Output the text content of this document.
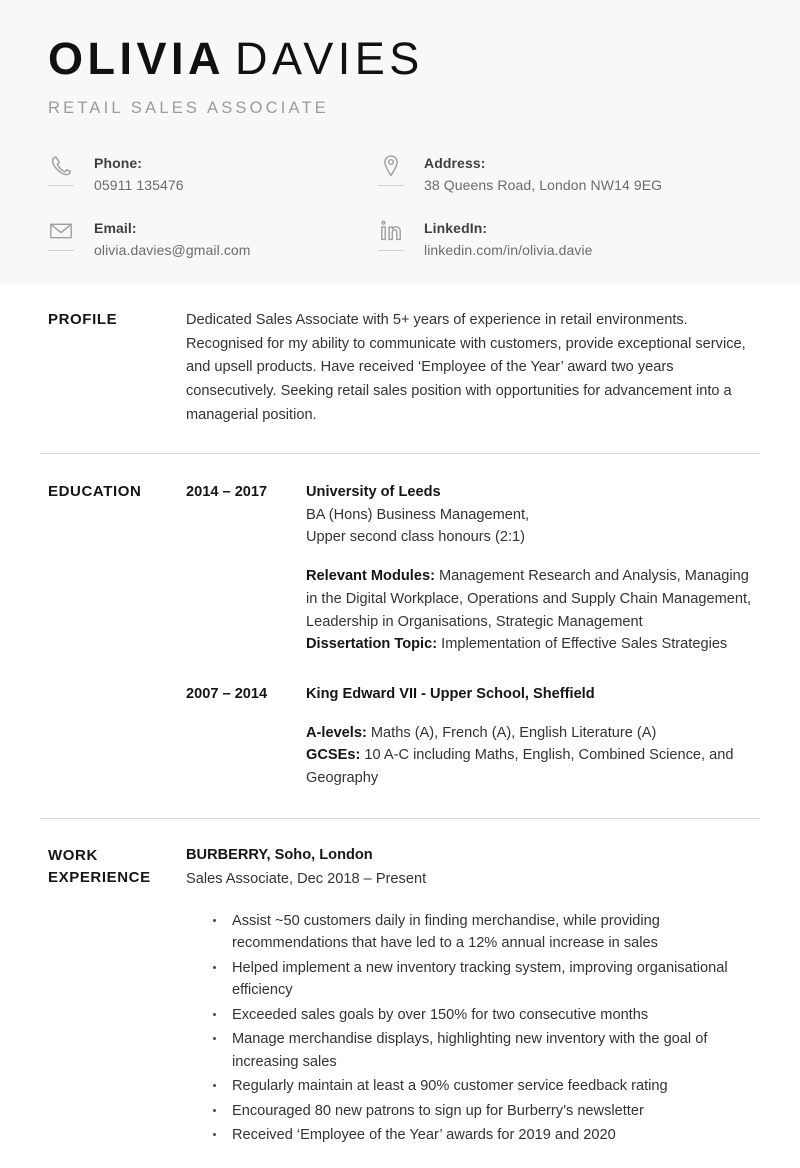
OLIVIA DAVIES
RETAIL SALES ASSOCIATE
Phone:
05911 135476
Address:
38 Queens Road, London NW14 9EG
Email:
olivia.davies@gmail.com
LinkedIn:
linkedin.com/in/olivia.davie
PROFILE	Dedicated Sales Associate with 5+ years of experience in retail environments. Recognised for my ability to communicate with customers, provide exceptional service, and upsell products. Have received ‘Employee of the Year’ award two years consecutively. Seeking retail sales position with opportunities for advancement into a managerial position.
EDUCATION	2014 – 2017	University of Leeds
BA (Hons) Business Management,
Upper second class honours (2:1)
Relevant Modules: Management Research and Analysis, Managing in the Digital Workplace, Operations and Supply Chain Management, Leadership in Organisations, Strategic Management
Dissertation Topic: Implementation of Effective Sales Strategies
2007 – 2014	King Edward VII - Upper School, Sheffield
A-levels: Maths (A), French (A), English Literature (A)
GCSEs: 10 A-C including Maths, English, Combined Science, and Geography
WORK
EXPERIENCE
BURBERRY, Soho, London
Sales Associate, Dec 2018 – Present
Assist ~50 customers daily in finding merchandise, while providing recommendations that have led to a 12% annual increase in sales
Helped implement a new inventory tracking system, improving organisational efficiency
Exceeded sales goals by over 150% for two consecutive months
Manage merchandise displays, highlighting new inventory with the goal of increasing sales
Regularly maintain at least a 90% customer service feedback rating
Encouraged 80 new patrons to sign up for Burberry’s newsletter
Received ‘Employee of the Year’ awards for 2019 and 2020
